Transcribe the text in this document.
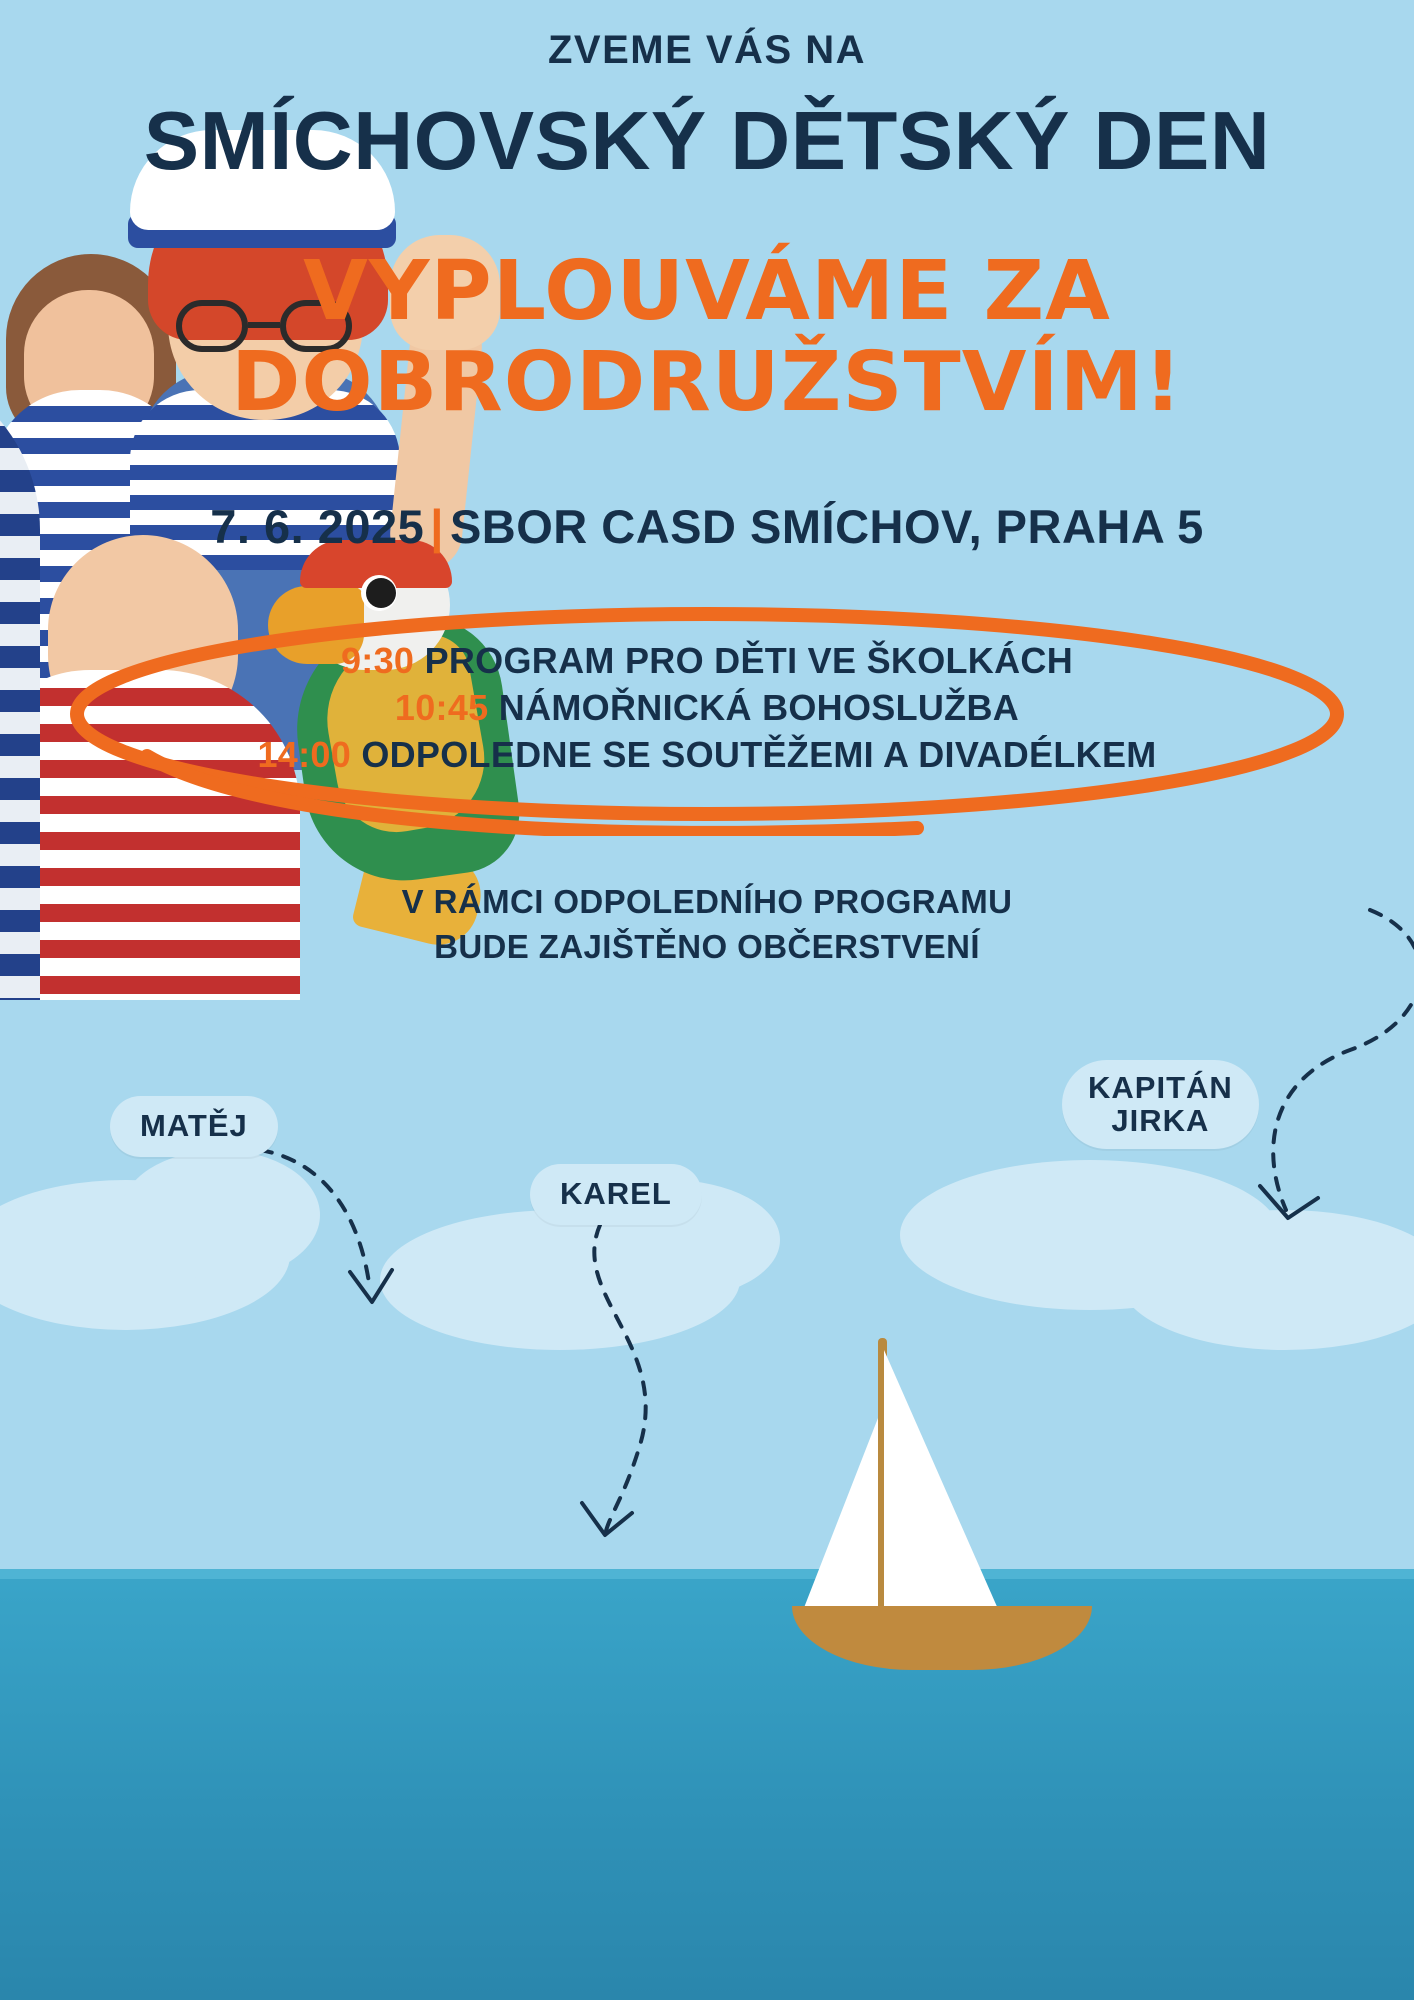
ZVEME VÁS NA
SMÍCHOVSKÝ DĚTSKÝ DEN
VYPLOUVÁME ZA
DOBRODRUŽSTVÍM!
7. 6. 2025 | SBOR CASD SMÍCHOV, PRAHA 5
9:30 PROGRAM PRO DĚTI VE ŠKOLKÁCH
10:45 NÁMOŘNICKÁ BOHOSLUŽBA
14:00 ODPOLEDNE SE SOUTĚŽEMI A DIVADÉLKEM
V RÁMCI ODPOLEDNÍHO PROGRAMU
BUDE ZAJIŠTĚNO OBČERSTVENÍ
MATĚJ
KAREL
KAPITÁN
JIRKA
